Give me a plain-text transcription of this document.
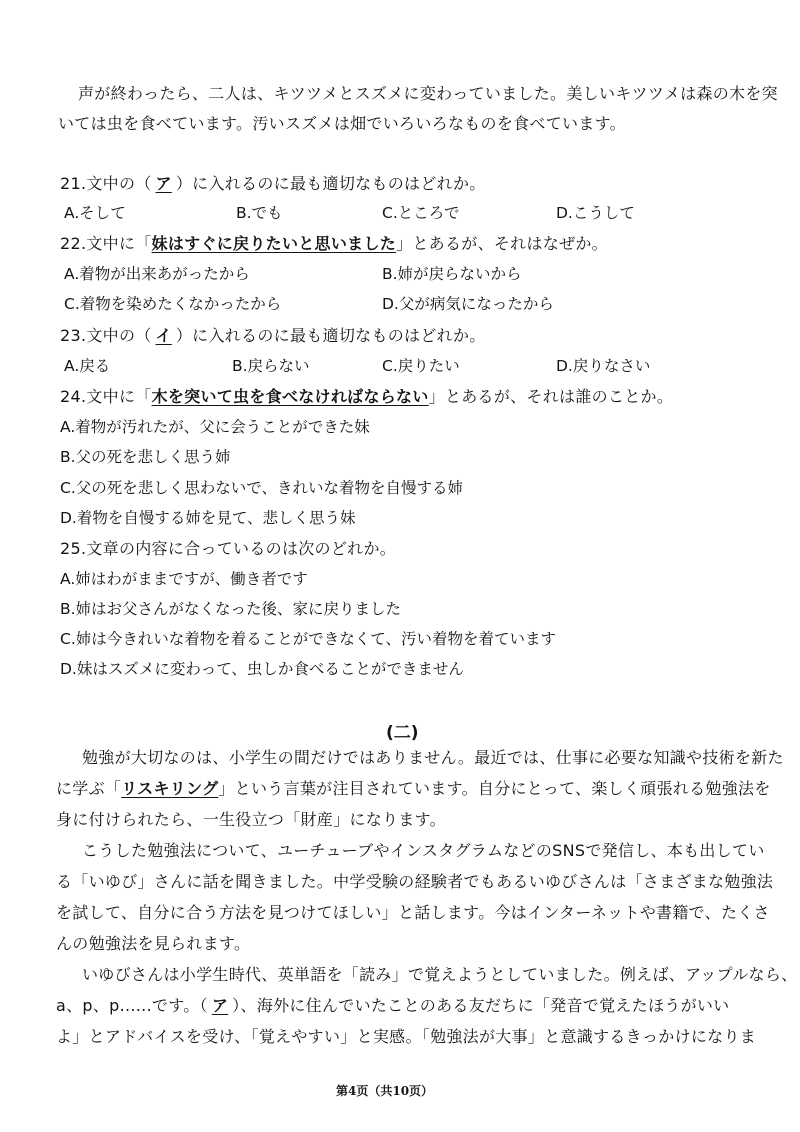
声が終わったら、二人は、キツツメとスズメに変わっていました。美しいキツツメは森の木を突
いては虫を食べています。汚いスズメは畑でいろいろなものを食べています。
21.文中の（ ア ）に入れるのに最も適切なものはどれか。
A.そして	B.でも	C.ところで	D.こうして
22.文中に「妹はすぐに戻りたいと思いました」とあるが、それはなぜか。
A.着物が出来あがったから	B.姉が戻らないから
C.着物を染めたくなかったから	D.父が病気になったから
23.文中の（ イ ）に入れるのに最も適切なものはどれか。
A.戻る	B.戻らない	C.戻りたい	D.戻りなさい
24.文中に「木を突いて虫を食べなければならない」とあるが、それは誰のことか。
A.着物が汚れたが、父に会うことができた妹
B.父の死を悲しく思う姉
C.父の死を悲しく思わないで、きれいな着物を自慢する姉
D.着物を自慢する姉を見て、悲しく思う妹
25.文章の内容に合っているのは次のどれか。
A.姉はわがままですが、働き者です
B.姉はお父さんがなくなった後、家に戻りました
C.姉は今きれいな着物を着ることができなくて、汚い着物を着ています
D.妹はスズメに変わって、虫しか食べることができません
(二)
勉強が大切なのは、小学生の間だけではありません。最近では、仕事に必要な知識や技術を新た
に学ぶ「リスキリング」という言葉が注目されています。自分にとって、楽しく頑張れる勉強法を
身に付けられたら、一生役立つ「財産」になります。
こうした勉強法について、ユーチューブやインスタグラムなどのSNSで発信し、本も出してい
る「いゆび」さんに話を聞きました。中学受験の経験者でもあるいゆびさんは「さまざまな勉強法
を試して、自分に合う方法を見つけてほしい」と話します。今はインターネットや書籍で、たくさ
んの勉強法を見られます。
いゆびさんは小学生時代、英単語を「読み」で覚えようとしていました。例えば、アップルなら、
a、p、p......です。（ ア ）、海外に住んでいたことのある友だちに「発音で覚えたほうがいい
よ」とアドバイスを受け、「覚えやすい」と実感。「勉強法が大事」と意識するきっかけになりま
第4页（共10页）
